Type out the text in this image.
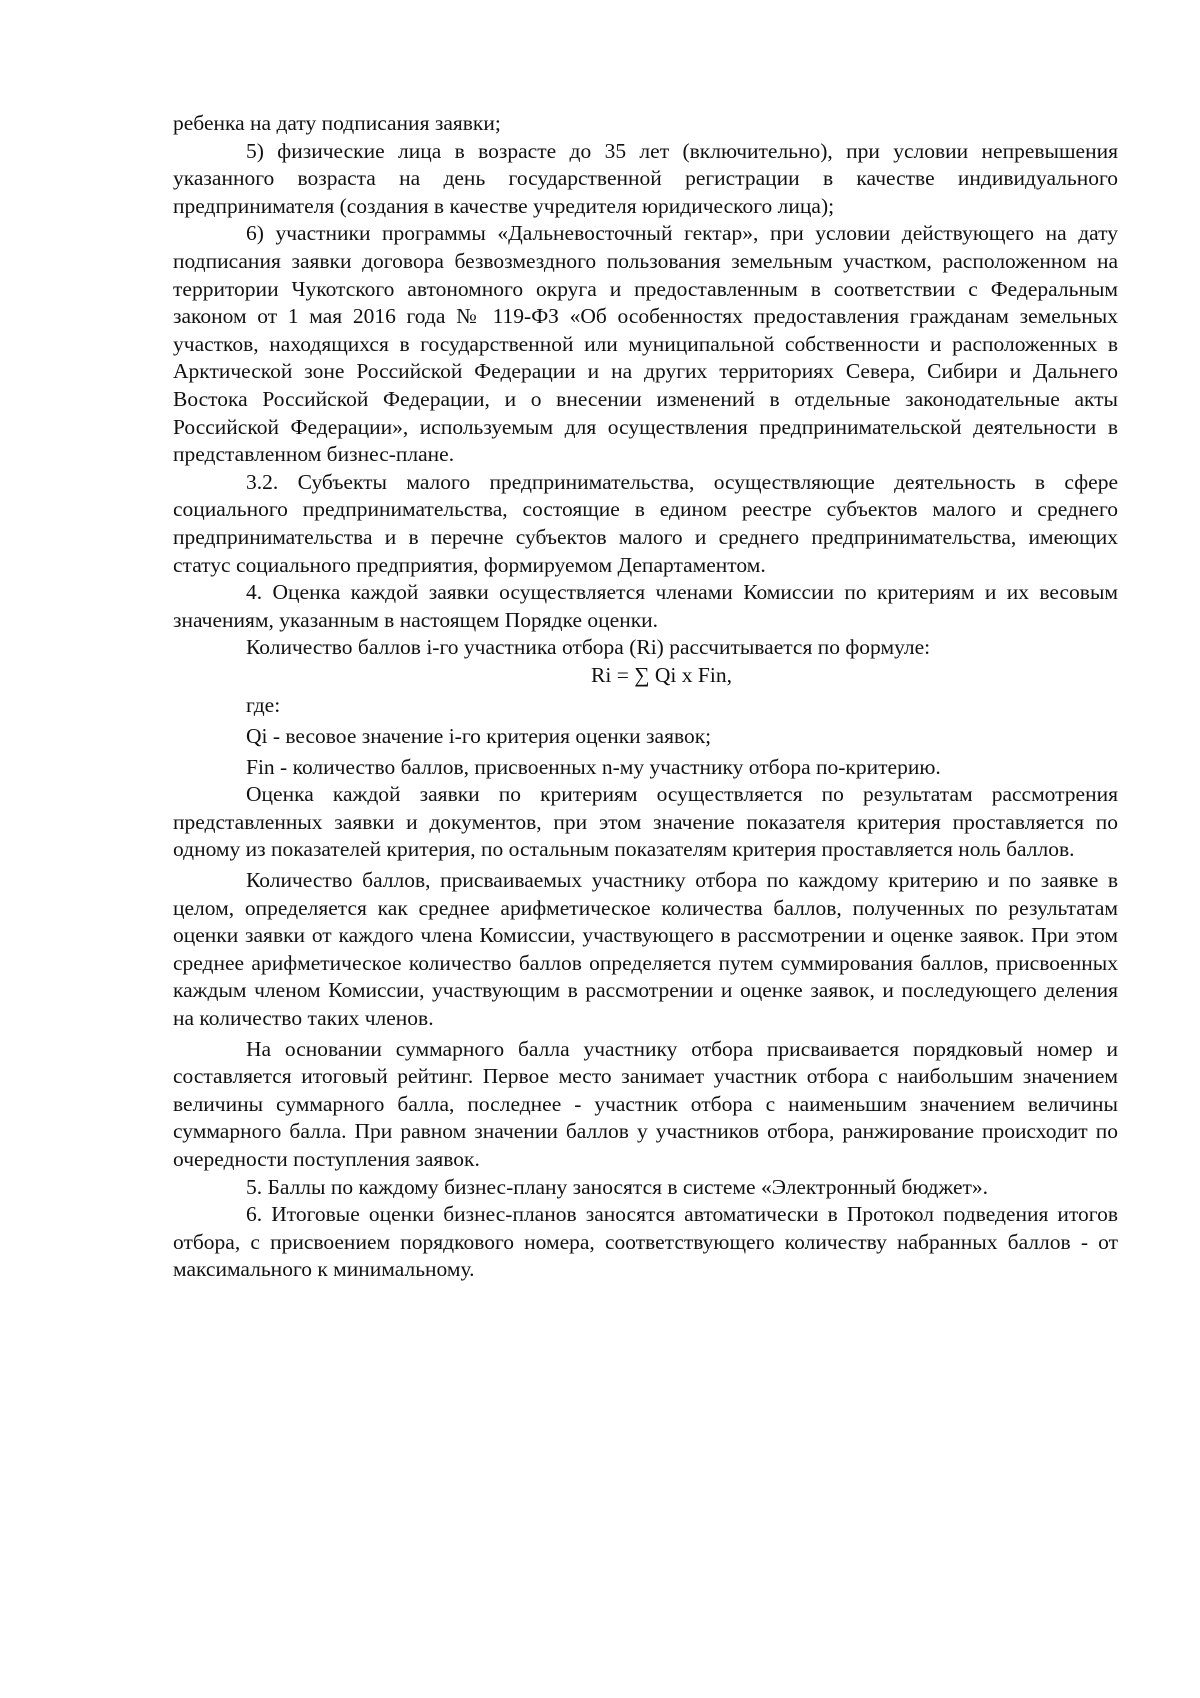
ребенка на дату подписания заявки;

5) физические лица в возрасте до 35 лет (включительно), при условии непревышения указанного возраста на день государственной регистрации в качестве индивидуального предпринимателя (создания в качестве учредителя юридического лица);

6) участники программы «Дальневосточный гектар», при условии действующего на дату подписания заявки договора безвозмездного пользования земельным участком, расположенном на территории Чукотского автономного округа и предоставленным в соответствии с Федеральным законом от 1 мая 2016 года № 119-ФЗ «Об особенностях предоставления гражданам земельных участков, находящихся в государственной или муниципальной собственности и расположенных в Арктической зоне Российской Федерации и на других территориях Севера, Сибири и Дальнего Востока Российской Федерации, и о внесении изменений в отдельные законодательные акты Российской Федерации», используемым для осуществления предпринимательской деятельности в представленном бизнес-плане.

3.2. Субъекты малого предпринимательства, осуществляющие деятельность в сфере социального предпринимательства, состоящие в едином реестре субъектов малого и среднего предпринимательства и в перечне субъектов малого и среднего предпринимательства, имеющих статус социального предприятия, формируемом Департаментом.

4. Оценка каждой заявки осуществляется членами Комиссии по критериям и их весовым значениям, указанным в настоящем Порядке оценки.

Количество баллов i-го участника отбора (Ri) рассчитывается по формуле:

Ri = ∑ Qi x Fin,

где:

Qi - весовое значение i-го критерия оценки заявок;

Fin - количество баллов, присвоенных n-му участнику отбора по-критерию.

Оценка каждой заявки по критериям осуществляется по результатам рассмотрения представленных заявки и документов, при этом значение показателя критерия проставляется по одному из показателей критерия, по остальным показателям критерия проставляется ноль баллов.

Количество баллов, присваиваемых участнику отбора по каждому критерию и по заявке в целом, определяется как среднее арифметическое количества баллов, полученных по результатам оценки заявки от каждого члена Комиссии, участвующего в рассмотрении и оценке заявок. При этом среднее арифметическое количество баллов определяется путем суммирования баллов, присвоенных каждым членом Комиссии, участвующим в рассмотрении и оценке заявок, и последующего деления на количество таких членов.

На основании суммарного балла участнику отбора присваивается порядковый номер и составляется итоговый рейтинг. Первое место занимает участник отбора с наибольшим значением величины суммарного балла, последнее - участник отбора с наименьшим значением величины суммарного балла. При равном значении баллов у участников отбора, ранжирование происходит по очередности поступления заявок.

5. Баллы по каждому бизнес-плану заносятся в системе «Электронный бюджет».

6. Итоговые оценки бизнес-планов заносятся автоматически в Протокол подведения итогов отбора, с присвоением порядкового номера, соответствующего количеству набранных баллов - от максимального к минимальному.
